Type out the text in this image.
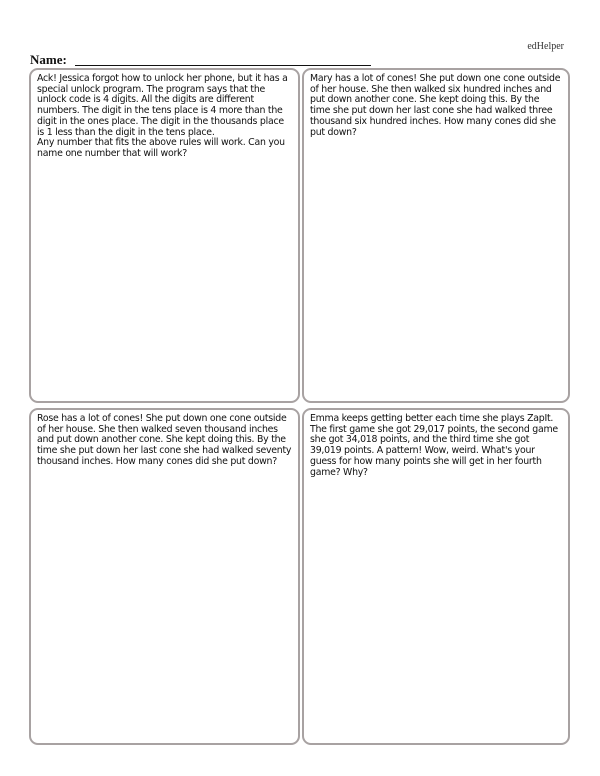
edHelper
Name:

Ack! Jessica forgot how to unlock her phone, but it has a special unlock program. The program says that the unlock code is 4 digits. All the digits are different numbers. The digit in the tens place is 4 more than the digit in the ones place. The digit in the thousands place is 1 less than the digit in the tens place.

Any number that fits the above rules will work. Can you name one number that will work?

Mary has a lot of cones! She put down one cone outside of her house. She then walked six hundred inches and put down another cone. She kept doing this. By the time she put down her last cone she had walked three thousand six hundred inches. How many cones did she put down?

Rose has a lot of cones! She put down one cone outside of her house. She then walked seven thousand inches and put down another cone. She kept doing this. By the time she put down her last cone she had walked seventy thousand inches. How many cones did she put down?

Emma keeps getting better each time she plays ZapIt. The first game she got 29,017 points, the second game she got 34,018 points, and the third time she got 39,019 points. A pattern! Wow, weird. What's your guess for how many points she will get in her fourth game? Why?
